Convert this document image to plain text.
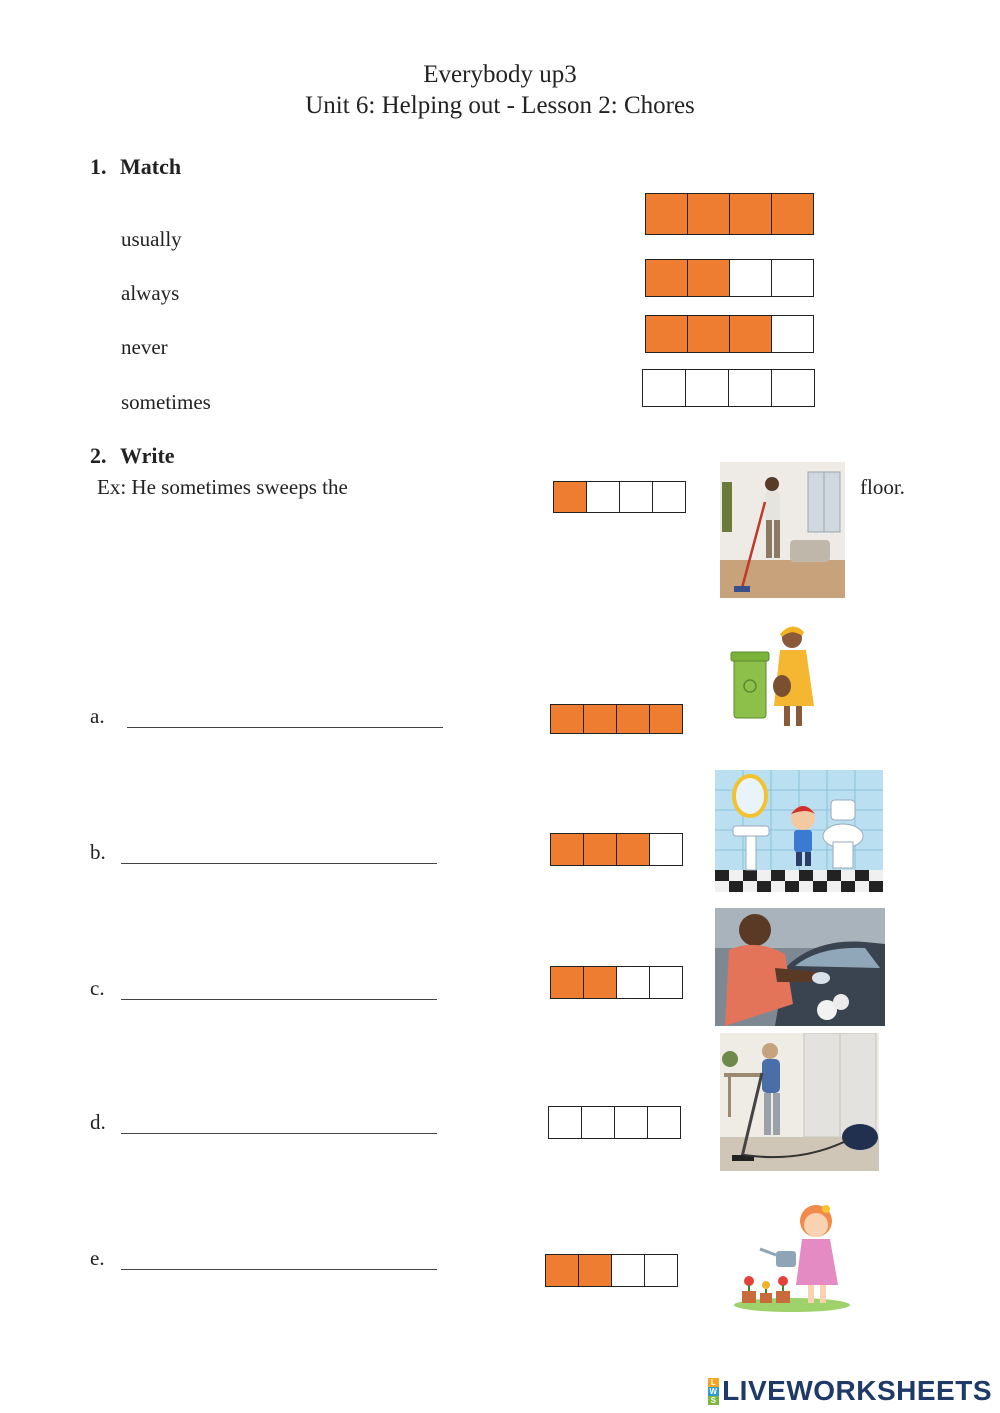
Everybody up3
Unit 6: Helping out - Lesson 2: Chores
1. Match
usually
always
never
sometimes
2. Write
Ex: He sometimes sweeps the	floor.
a.
b.
c.
d.
e.
L
W
S LIVEWORKSHEETS
